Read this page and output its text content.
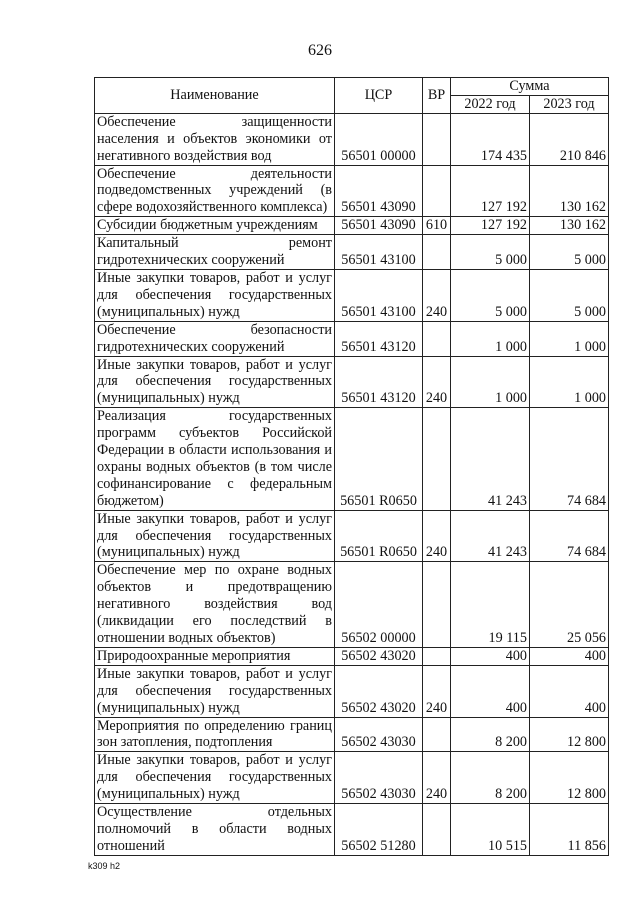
626
Наименование	ЦСР	ВР	Сумма	
			2022 год	2023 год
Обеспечение защищенности населения и объектов экономики от негативного воздействия вод	56501 00000		174 435	210 846
Обеспечение деятельности подведомственных учреждений (в сфере водохозяйственного комплекса)	56501 43090		127 192	130 162
Субсидии бюджетным учреждениям	56501 43090	610	127 192	130 162
Капитальный ремонт гидротехнических сооружений	56501 43100		5 000	5 000
Иные закупки товаров, работ и услуг для обеспечения государственных (муниципальных) нужд	56501 43100	240	5 000	5 000
Обеспечение безопасности гидротехнических сооружений	56501 43120		1 000	1 000
Иные закупки товаров, работ и услуг для обеспечения государственных (муниципальных) нужд	56501 43120	240	1 000	1 000
Реализация государственных программ субъектов Российской Федерации в области использования и охраны водных объектов (в том числе софинансирование с федеральным бюджетом)	56501 R0650		41 243	74 684
Иные закупки товаров, работ и услуг для обеспечения государственных (муниципальных) нужд	56501 R0650	240	41 243	74 684
Обеспечение мер по охране водных объектов и предотвращению негативного воздействия вод (ликвидации его последствий в отношении водных объектов)	56502 00000		19 115	25 056
Природоохранные мероприятия	56502 43020		400	400
Иные закупки товаров, работ и услуг для обеспечения государственных (муниципальных) нужд	56502 43020	240	400	400
Мероприятия по определению границ зон затопления, подтопления	56502 43030		8 200	12 800
Иные закупки товаров, работ и услуг для обеспечения государственных (муниципальных) нужд	56502 43030	240	8 200	12 800
Осуществление отдельных полномочий в области водных отношений	56502 51280		10 515	11 856
k309 h2
